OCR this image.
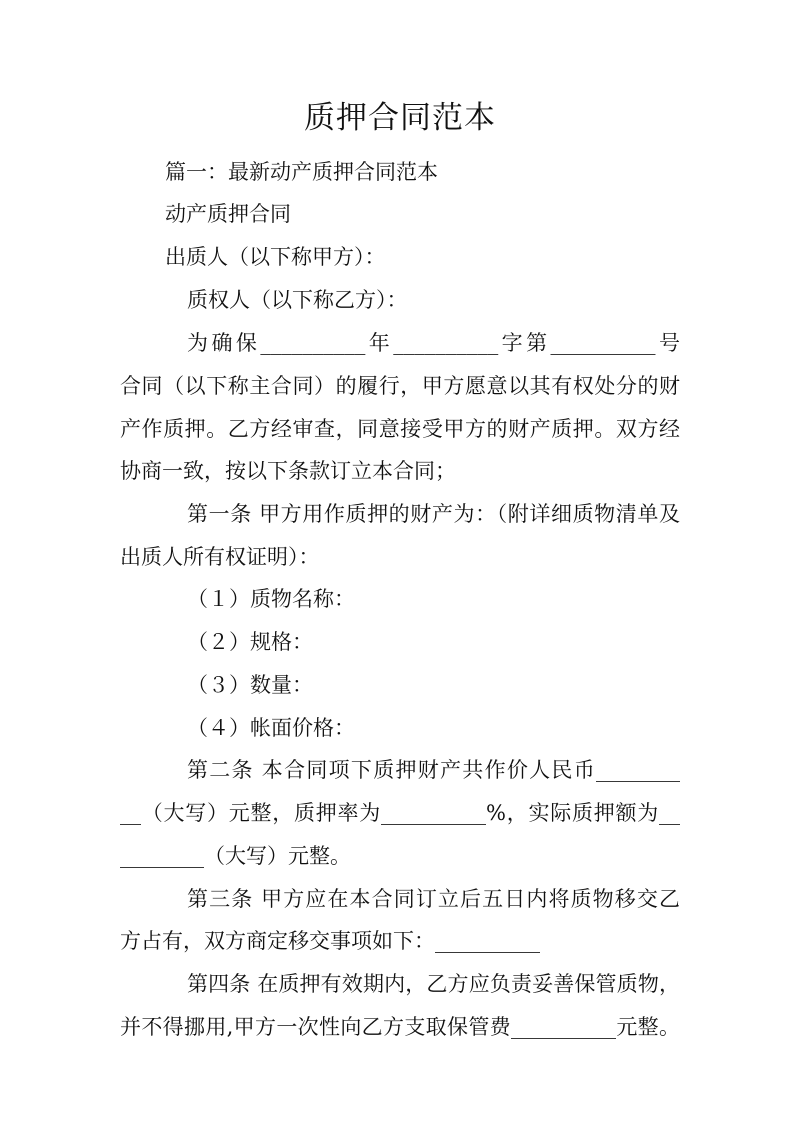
质押合同范本

篇一：最新动产质押合同范本

动产质押合同

出质人（以下称甲方）：

质权人（以下称乙方）：

为确保__________年__________字第__________号

合同（以下称主合同）的履行，甲方愿意以其有权处分的财

产作质押。乙方经审查，同意接受甲方的财产质押。双方经

协商一致，按以下条款订立本合同；

第一条 甲方用作质押的财产为：（附详细质物清单及

出质人所有权证明）：

（１）质物名称：

（２）规格：

（３）数量：

（４）帐面价格：

第二条 本合同项下质押财产共作价人民币________

__（大写）元整，质押率为__________%，实际质押额为__

________（大写）元整。

第三条 甲方应在本合同订立后五日内将质物移交乙

方占有，双方商定移交事项如下：__________

第四条 在质押有效期内，乙方应负责妥善保管质物，

并不得挪用,甲方一次性向乙方支取保管费__________元整。
